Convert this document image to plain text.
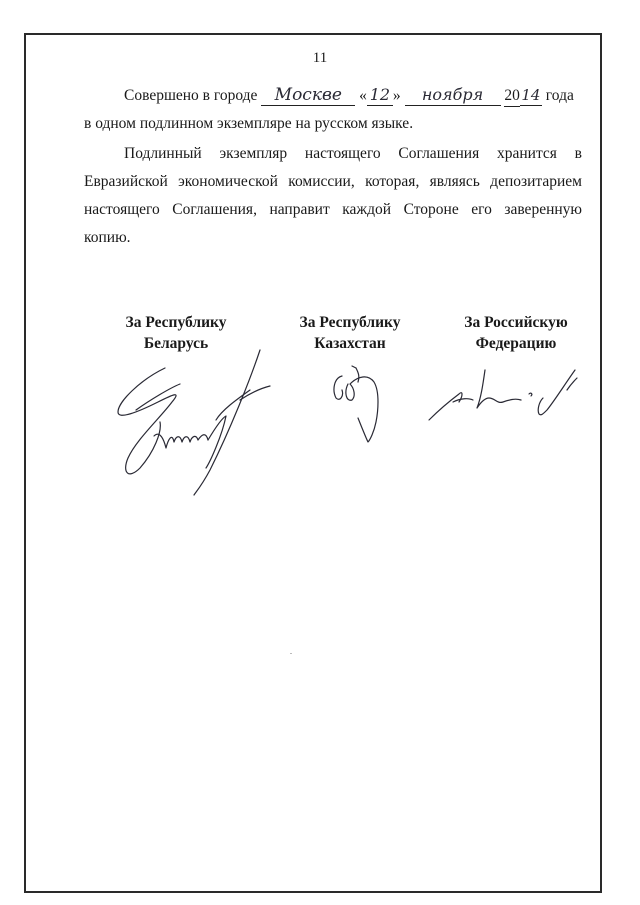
11

Совершено в городе Москве « 12 » ноября 2014 года
в одном подлинном экземпляре на русском языке.

Подлинный экземпляр настоящего Соглашения хранится в
Евразийской экономической комиссии, которая, являясь депозитарием
настоящего Соглашения, направит каждой Стороне его заверенную
копию.

За Республику
Беларусь
За Республику
Казахстан
За Российскую
Федерацию
